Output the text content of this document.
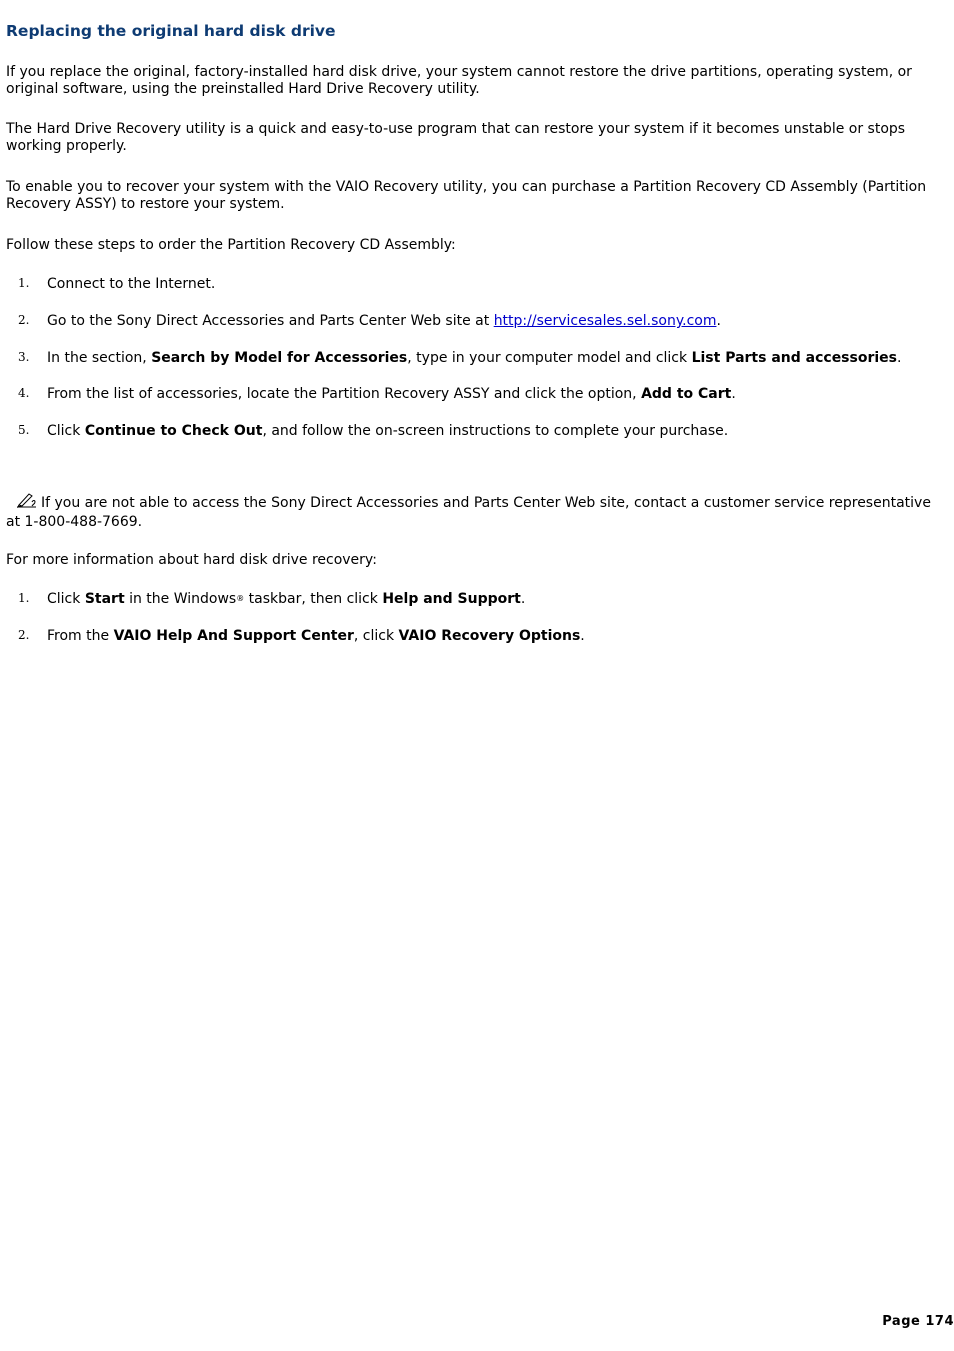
Replacing the original hard disk drive

If you replace the original, factory-installed hard disk drive, your system cannot restore the drive partitions, operating system, or original software, using the preinstalled Hard Drive Recovery utility.

The Hard Drive Recovery utility is a quick and easy-to-use program that can restore your system if it becomes unstable or stops working properly.

To enable you to recover your system with the VAIO Recovery utility, you can purchase a Partition Recovery CD Assembly (Partition Recovery ASSY) to restore your system.

Follow these steps to order the Partition Recovery CD Assembly:

1. Connect to the Internet.
2. Go to the Sony Direct Accessories and Parts Center Web site at http://servicesales.sel.sony.com.
3. In the section, Search by Model for Accessories, type in your computer model and click List Parts and accessories.
4. From the list of accessories, locate the Partition Recovery ASSY and click the option, Add to Cart.
5. Click Continue to Check Out, and follow the on-screen instructions to complete your purchase.

If you are not able to access the Sony Direct Accessories and Parts Center Web site, contact a customer service representative at 1-800-488-7669.

For more information about hard disk drive recovery:

1. Click Start in the Windows® taskbar, then click Help and Support.
2. From the VAIO Help And Support Center, click VAIO Recovery Options.
Page 174
